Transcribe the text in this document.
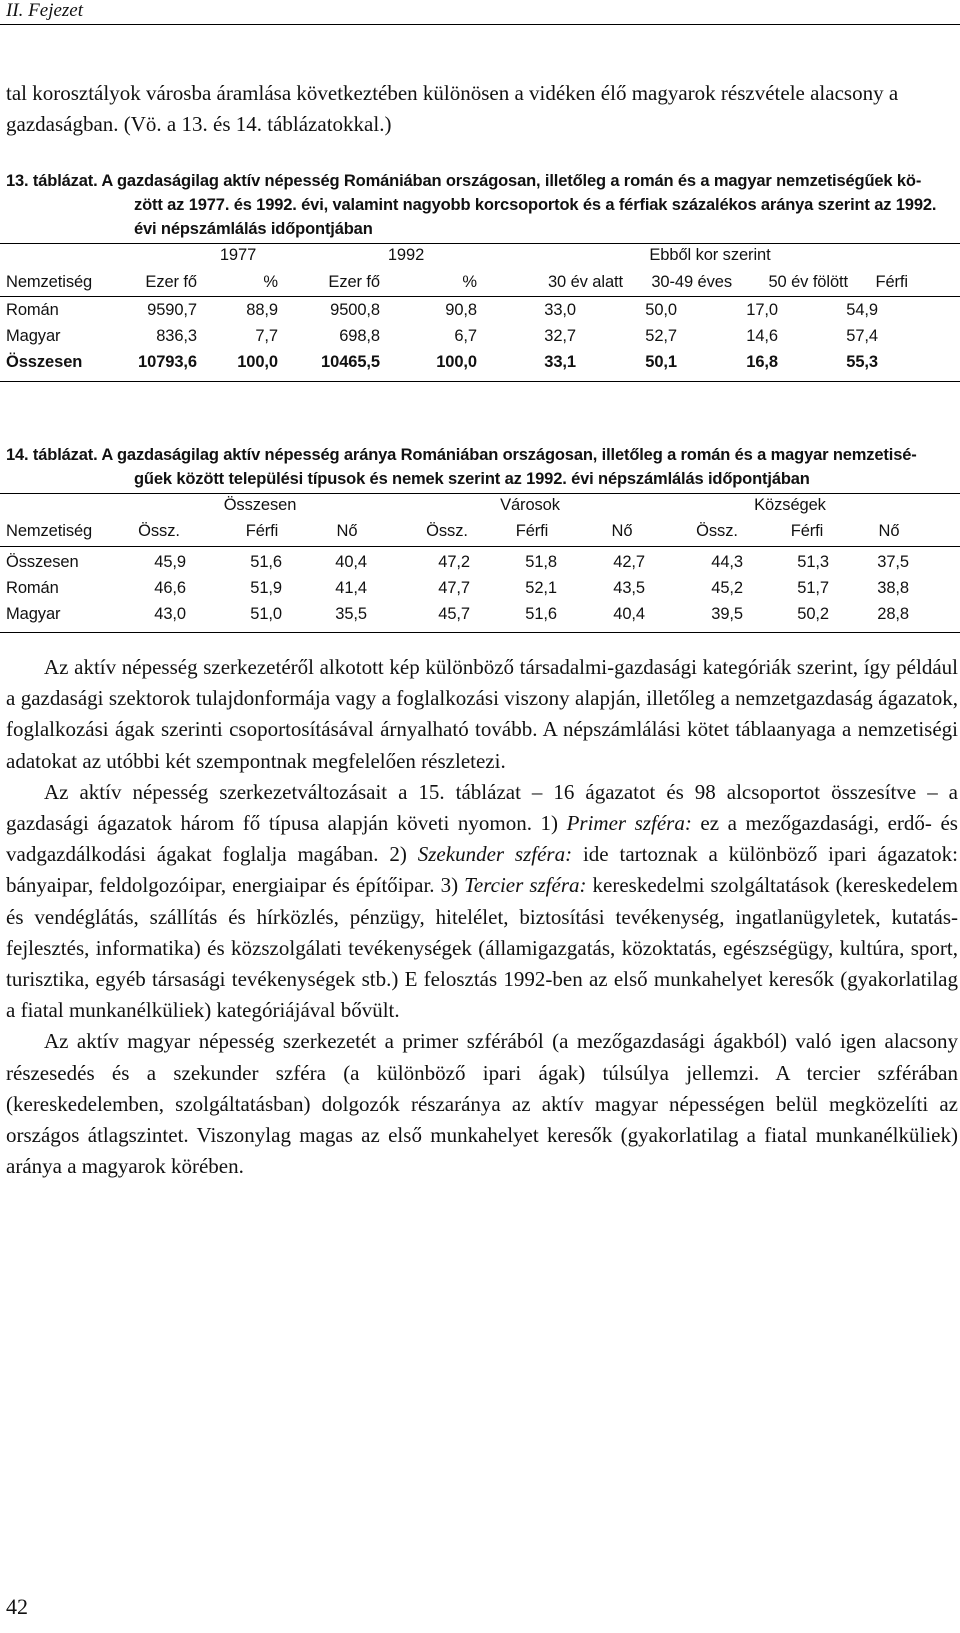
II. Fejezet
tal korosztályok városba áramlása következtében különösen a vidéken élő magyarok részvétele alacsony a gazdaságban. (Vö. a 13. és 14. táblázatokkal.)
13. táblázat. A gazdaságilag aktív népesség Romániában országosan, illetőleg a román és a magyar nemzetiségűek kö-
zött az 1977. és 1992. évi, valamint nagyobb korcsoportok és a férfiak százalékos aránya szerint az 1992.
évi népszámlálás időpontjában
1977	1992	Ebből kor szerint
Nemzetiség	Ezer fő	%	Ezer fő	%	30 év alatt	30-49 éves	50 év fölött	Férfi
Román	9590,7	88,9	9500,8	90,8	33,0	50,0	17,0	54,9
Magyar	836,3	7,7	698,8	6,7	32,7	52,7	14,6	57,4
Összesen	10793,6	100,0	10465,5	100,0	33,1	50,1	16,8	55,3
14. táblázat. A gazdaságilag aktív népesség aránya Romániában országosan, illetőleg a román és a magyar nemzetisé-
gűek között települési típusok és nemek szerint az 1992. évi népszámlálás időpontjában
Összesen	Városok	Községek
Nemzetiség	Össz.	Férfi	Nő	Össz.	Férfi	Nő	Össz.	Férfi	Nő
Összesen	45,9	51,6	40,4	47,2	51,8	42,7	44,3	51,3	37,5
Román	46,6	51,9	41,4	47,7	52,1	43,5	45,2	51,7	38,8
Magyar	43,0	51,0	35,5	45,7	51,6	40,4	39,5	50,2	28,8

Az aktív népesség szerkezetéről alkotott kép különböző társadalmi-gazdasági kategóriák szerint, így például a gazdasági szektorok tulajdonformája vagy a foglalkozási viszony alapján, illetőleg a nemzetgazdaság ágazatok, foglalkozási ágak szerinti csoportosításával árnyalható tovább. A népszámlálási kötet táblaanyaga a nemzetiségi adatokat az utóbbi két szempontnak megfelelően részletezi.

Az aktív népesség szerkezetváltozásait a 15. táblázat – 16 ágazatot és 98 alcsoportot összesítve – a gazdasági ágazatok három fő típusa alapján követi nyomon. 1) Primer szféra: ez a mezőgazdasági, erdő- és vadgazdálkodási ágakat foglalja magában. 2) Szekunder szféra: ide tartoznak a különböző ipari ágazatok: bányaipar, feldolgozóipar, energiaipar és építőipar. 3) Tercier szféra: kereskedelmi szolgáltatások (kereskedelem és vendéglátás, szállítás és hírközlés, pénzügy, hitelélet, biztosítási tevékenység, ingatlanügyletek, kutatás-fejlesztés, informatika) és közszolgálati tevékenységek (államigazgatás, közoktatás, egészségügy, kultúra, sport, turisztika, egyéb társasági tevékenységek stb.) E felosztás 1992-ben az első munkahelyet keresők (gyakorlatilag a fiatal munkanélküliek) kategóriájával bővült.

Az aktív magyar népesség szerkezetét a primer szférából (a mezőgazdasági ágakból) való igen alacsony részesedés és a szekunder szféra (a különböző ipari ágak) túlsúlya jellemzi. A tercier szférában (kereskedelemben, szolgáltatásban) dolgozók részaránya az aktív magyar népességen belül megközelíti az országos átlagszintet. Viszonylag magas az első munkahelyet keresők (gyakorlatilag a fiatal munkanélküliek) aránya a magyarok körében.

42
